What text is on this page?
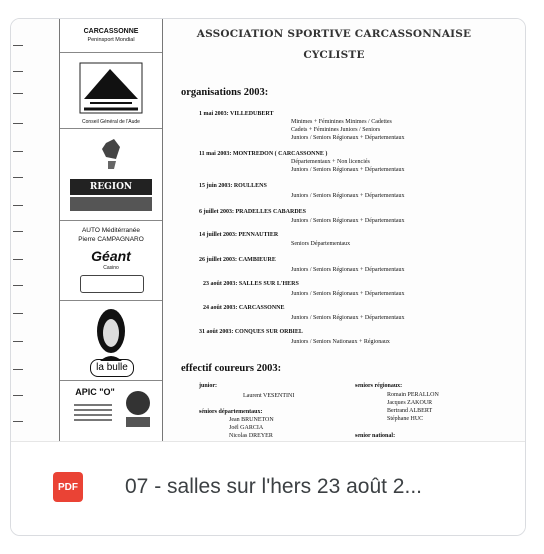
CARCASSONNE
Peninsport Mondial
Conseil Général de l'Aude
REGION
AUTO Méditérranée
Pierre CAMPAGNARO
Géant
Casino
la bulle
APIC "O"
ASSOCIATION SPORTIVE CARCASSONNAISE
CYCLISTE
organisations 2003:
1 mai 2003: VILLEDUBERT
Minimes + Féminines Minimes / Cadettes
Cadets + Féminines Juniors / Seniors
Juniors / Seniors Régionaux + Départementaux
11 mai 2003: MONTREDON ( CARCASSONNE )
Départementaux + Non licenciés
Juniors / Seniors Régionaux + Départementaux
15 juin 2003: ROULLENS
Juniors / Seniors Régionaux + Départementaux
6 juillet 2003: PRADELLES CABARDES
Juniors / Seniors Régionaux + Départementaux
14 juillet 2003: PENNAUTIER
Seniors Départementaux
26 juillet 2003: CAMBIEURE
Juniors / Seniors Régionaux + Départementaux
23 août 2003: SALLES SUR L'HERS
Juniors / Seniors Régionaux + Départementaux
24 août 2003: CARCASSONNE
Juniors / Seniors Régionaux + Départementaux
31 août 2003: CONQUES SUR ORBIEL
Juniors / Seniors Nationaux + Régionaux
effectif coureurs 2003:
junior:
Laurent VESENTINI
séniors départementaux:
Jean BRUNETON
Joël GARCIA
Nicolas DREYER
seniors régionaux:
Romain PERALLON
Jacques ZAKOUR
Bertrand ALBERT
Stéphane HUC
senior national:
PDF 07 - salles sur l'hers 23 août 2...
